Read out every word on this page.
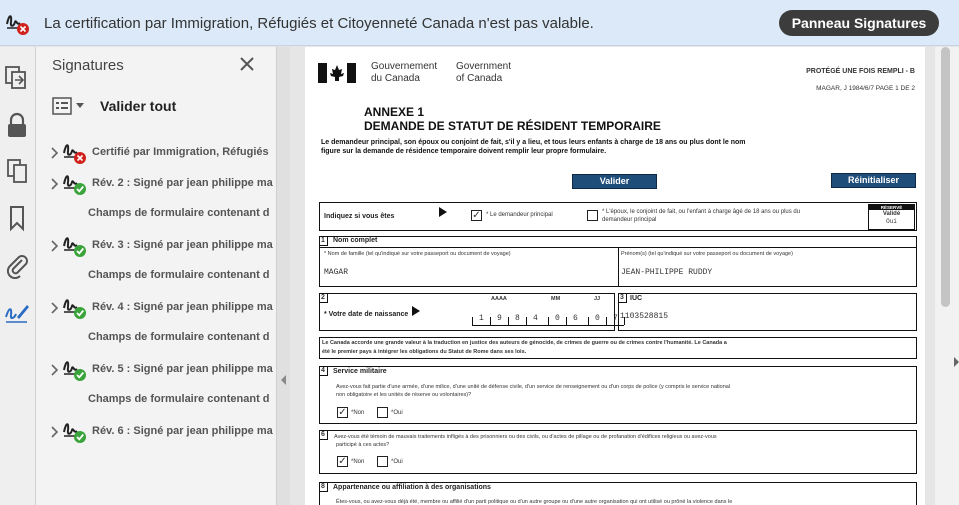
La certification par Immigration, Réfugiés et Citoyenneté Canada n'est pas valable.	Panneau Signatures
Signatures
Valider tout
Certifié par Immigration, Réfugiés
Rév. 2 : Signé par jean philippe ma
Champs de formulaire contenant d
Rév. 3 : Signé par jean philippe ma
Champs de formulaire contenant d
Rév. 4 : Signé par jean philippe ma
Champs de formulaire contenant d
Rév. 5 : Signé par jean philippe ma
Champs de formulaire contenant d
Rév. 6 : Signé par jean philippe ma
Gouvernement
du Canada
Government
of Canada
PROTÉGÉ UNE FOIS REMPLI - B
MAGAR, J 1984/6/7 PAGE 1 DE 2
ANNEXE 1
DEMANDE DE STATUT DE RÉSIDENT TEMPORAIRE
Le demandeur principal, son époux ou conjoint de fait, s'il y a lieu, et tous leurs enfants à charge de 18 ans ou plus dont le nom
figure sur la demande de résidence temporaire doivent remplir leur propre formulaire.
Valider	Réinitialiser
Indiquez si vous êtes	✓ * Le demandeur principal	* L'époux, le conjoint de fait, ou l'enfant à charge âgé de 18 ans ou plus du
demandeur principal
RÉSERVÉ
Validé
Oui
1	Nom complet
* Nom de famille (tel qu'indiqué sur votre passeport ou document de voyage)	Prénom(s) (tel qu'indiqué sur votre passeport ou document de voyage)
MAGAR	JEAN-PHILIPPE RUDDY
2
* Votre date de naissance
AAAA	MM	JJ
1 9 8 4 0 6 0 7
3 IUC
1103528815
Le Canada accorde une grande valeur à la traduction en justice des auteurs de génocide, de crimes de guerre ou de crimes contre l'humanité. Le Canada a
été le premier pays à intégrer les obligations du Statut de Rome dans ses lois.
4	Service militaire
Avez-vous fait partie d'une armée, d'une milice, d'une unité de défense civile, d'un service de renseignement ou d'un corps de police (y compris le service national
non obligatoire et les unités de réserve ou volontaires)?
✓ *Non	*Oui
6	Avez-vous été témoin de mauvais traitements infligés à des prisonniers ou des civils, ou d'actes de pillage ou de profanation d'édifices religieux ou avez-vous
participé à ces actes?
✓ *Non	*Oui
8	Appartenance ou affiliation à des organisations
Êtes-vous, ou avez-vous déjà été, membre ou affilié d'un parti politique ou d'un autre groupe ou d'une autre organisation qui ont utilisé ou prôné la violence dans le
